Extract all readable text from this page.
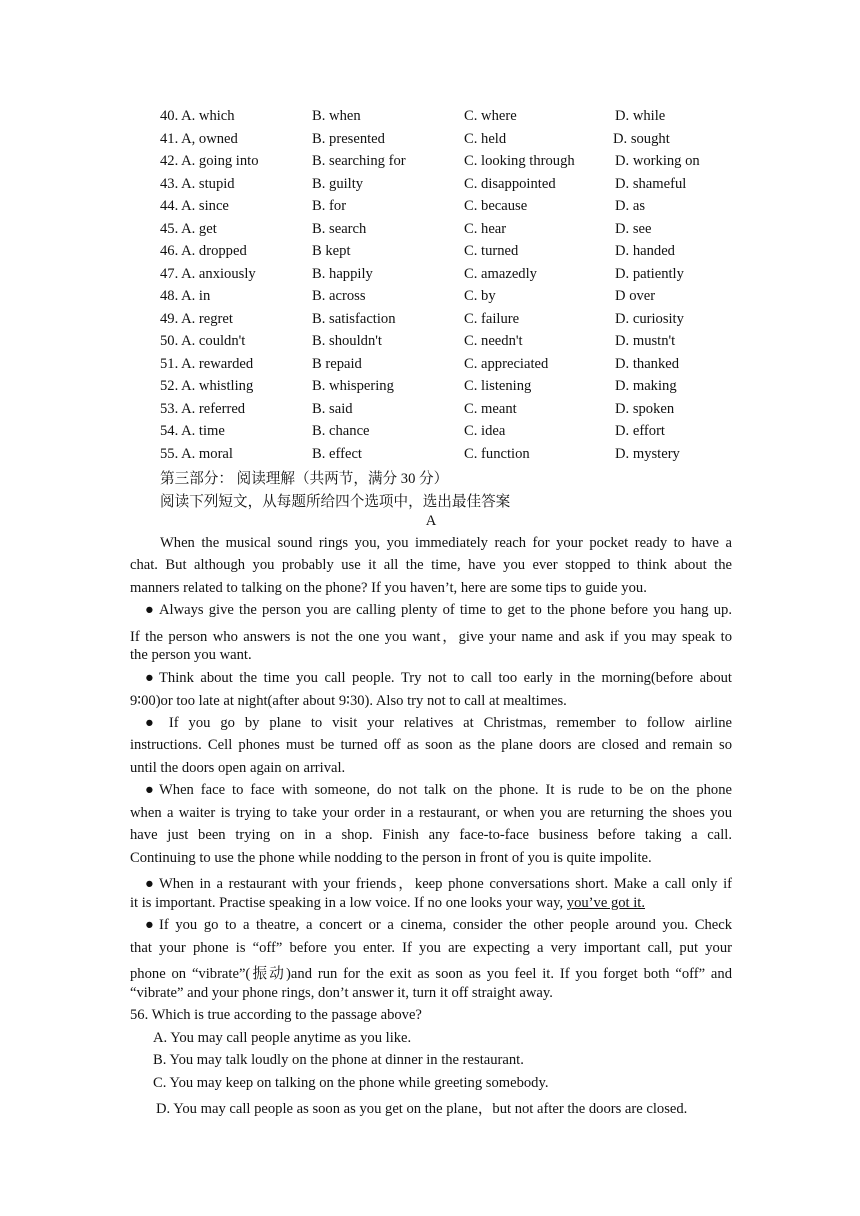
40. A. which	B. when	C. where	D. while
41. A, owned	B. presented	C. held	D. sought
42. A. going into	B. searching for	C. looking through	D. working on
43. A. stupid	B. guilty	C. disappointed	D. shameful
44. A. since	B. for	C. because	D. as
45. A. get	B. search	C. hear	D. see
46. A. dropped	B kept	C. turned	D. handed
47. A. anxiously	B. happily	C. amazedly	D. patiently
48. A. in	B. across	C. by	D over
49. A. regret	B. satisfaction	C. failure	D. curiosity
50. A. couldn't	B. shouldn't	C. needn't	D. mustn't
51. A. rewarded	B repaid	C. appreciated	D. thanked
52. A. whistling	B. whispering	C. listening	D. making
53. A. referred	B. said	C. meant	D. spoken
54. A. time	B. chance	C. idea	D. effort
55. A. moral	B. effect	C. function	D. mystery
第三部分： 阅读理解（共两节，满分 30 分）
阅读下列短文，从每题所给四个选项中，选出最佳答案
A
When the musical sound rings you, you immediately reach for your pocket ready to have a
chat. But although you probably use it all the time, have you ever stopped to think about the
manners related to talking on the phone? If you haven’t, here are some tips to guide you.
● Always give the person you are calling plenty of time to get to the phone before you hang up.
If the person who answers is not the one you want，give your name and ask if you may speak to
the person you want.
● Think about the time you call people. Try not to call too early in the morning(before about
9∶00)or too late at night(after about 9∶30). Also try not to call at mealtimes.
● If you go by plane to visit your relatives at Christmas, remember to follow airline
instructions. Cell phones must be turned off as soon as the plane doors are closed and remain so
until the doors open again on arrival.
● When face to face with someone, do not talk on the phone. It is rude to be on the phone
when a waiter is trying to take your order in a restaurant, or when you are returning the shoes you
have just been trying on in a shop. Finish any face-to-face business before taking a call.
Continuing to use the phone while nodding to the person in front of you is quite impolite.
● When in a restaurant with your friends，keep phone conversations short. Make a call only if
it is important. Practise speaking in a low voice. If no one looks your way, you’ve got it.
● If you go to a theatre, a concert or a cinema, consider the other people around you. Check
that your phone is “off” before you enter. If you are expecting a very important call, put your
phone on “vibrate”(振动)and run for the exit as soon as you feel it. If you forget both “off” and
“vibrate” and your phone rings, don’t answer it, turn it off straight away.
56. Which is true according to the passage above?
A. You may call people anytime as you like.
B. You may talk loudly on the phone at dinner in the restaurant.
C. You may keep on talking on the phone while greeting somebody.
D. You may call people as soon as you get on the plane，but not after the doors are closed.
